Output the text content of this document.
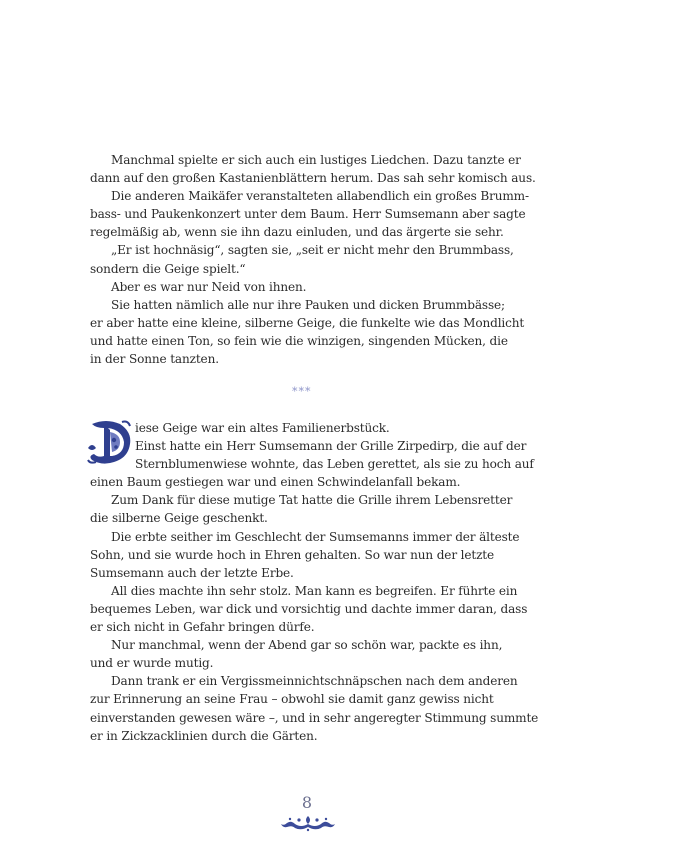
Manchmal spielte er sich auch ein lustiges Liedchen. Dazu tanzte er
dann auf den großen Kastanienblättern herum. Das sah sehr komisch aus.
Die anderen Maikäfer veranstalteten allabendlich ein großes Brumm-
bass- und Paukenkonzert unter dem Baum. Herr Sumsemann aber sagte
regelmäßig ab, wenn sie ihn dazu einluden, und das ärgerte sie sehr.
„Er ist hochnäsig“, sagten sie, „seit er nicht mehr den Brummbass,
sondern die Geige spielt.“
Aber es war nur Neid von ihnen.
Sie hatten nämlich alle nur ihre Pauken und dicken Brummbässe;
er aber hatte eine kleine, silberne Geige, die funkelte wie das Mondlicht
und hatte einen Ton, so fein wie die winzigen, singenden Mücken, die
in der Sonne tanzten.
***
iese Geige war ein altes Familienerbstück.
Einst hatte ein Herr Sumsemann der Grille Zirpedirp, die auf der
Sternblumenwiese wohnte, das Leben gerettet, als sie zu hoch auf
einen Baum gestiegen war und einen Schwindelanfall bekam.
Zum Dank für diese mutige Tat hatte die Grille ihrem Lebensretter
die silberne Geige geschenkt.
Die erbte seither im Geschlecht der Sumsemanns immer der älteste
Sohn, und sie wurde hoch in Ehren gehalten. So war nun der letzte
Sumsemann auch der letzte Erbe.
All dies machte ihn sehr stolz. Man kann es begreifen. Er führte ein
bequemes Leben, war dick und vorsichtig und dachte immer daran, dass
er sich nicht in Gefahr bringen dürfe.
Nur manchmal, wenn der Abend gar so schön war, packte es ihn,
und er wurde mutig.
Dann trank er ein Vergissmeinnichtschnäpschen nach dem anderen
zur Erinnerung an seine Frau – obwohl sie damit ganz gewiss nicht
einverstanden gewesen wäre –, und in sehr angeregter Stimmung summte
er in Zickzacklinien durch die Gärten.
8
